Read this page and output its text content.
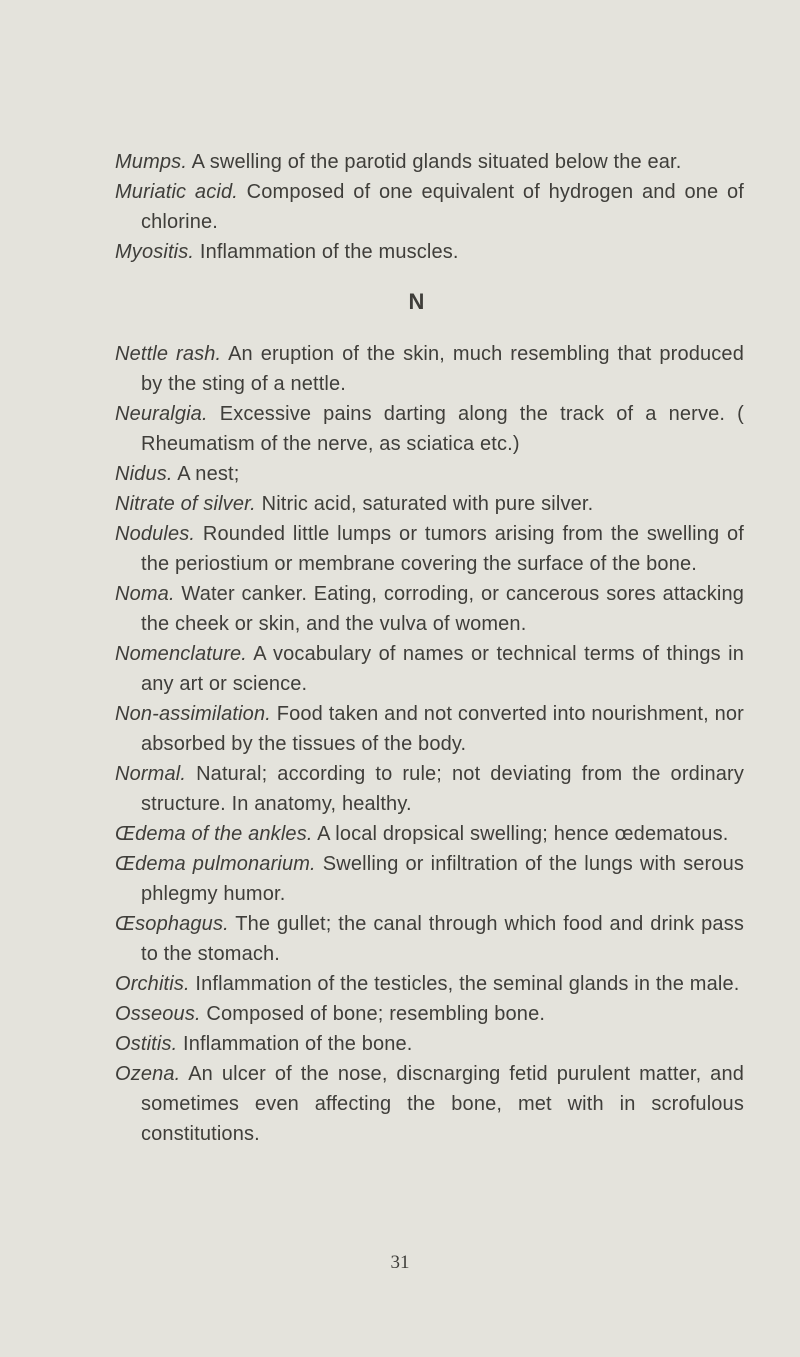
Mumps. A swelling of the parotid glands situated below the ear.
Muriatic acid. Composed of one equivalent of hydrogen and one of chlorine.
Myositis. Inflammation of the muscles.
N
Nettle rash. An eruption of the skin, much resembling that produced by the sting of a nettle.
Neuralgia. Excessive pains darting along the track of a nerve. ( Rheumatism of the nerve, as sciatica etc.)
Nidus. A nest;
Nitrate of silver. Nitric acid, saturated with pure silver.
Nodules. Rounded little lumps or tumors arising from the swelling of the periostium or membrane covering the surface of the bone.
Noma. Water canker. Eating, corroding, or cancerous sores attacking the cheek or skin, and the vulva of women.
Nomenclature. A vocabulary of names or technical terms of things in any art or science.
Non-assimilation. Food taken and not converted into nourishment, nor absorbed by the tissues of the body.
Normal. Natural; according to rule; not deviating from the ordinary structure. In anatomy, healthy.
Œdema of the ankles. A local dropsical swelling; hence œdematous.
Œdema pulmonarium. Swelling or infiltration of the lungs with serous phlegmy humor.
Œsophagus. The gullet; the canal through which food and drink pass to the stomach.
Orchitis. Inflammation of the testicles, the seminal glands in the male.
Osseous. Composed of bone; resembling bone.
Ostitis. Inflammation of the bone.
Ozena. An ulcer of the nose, discnarging fetid purulent matter, and sometimes even affecting the bone, met with in scrofulous constitutions.
31
